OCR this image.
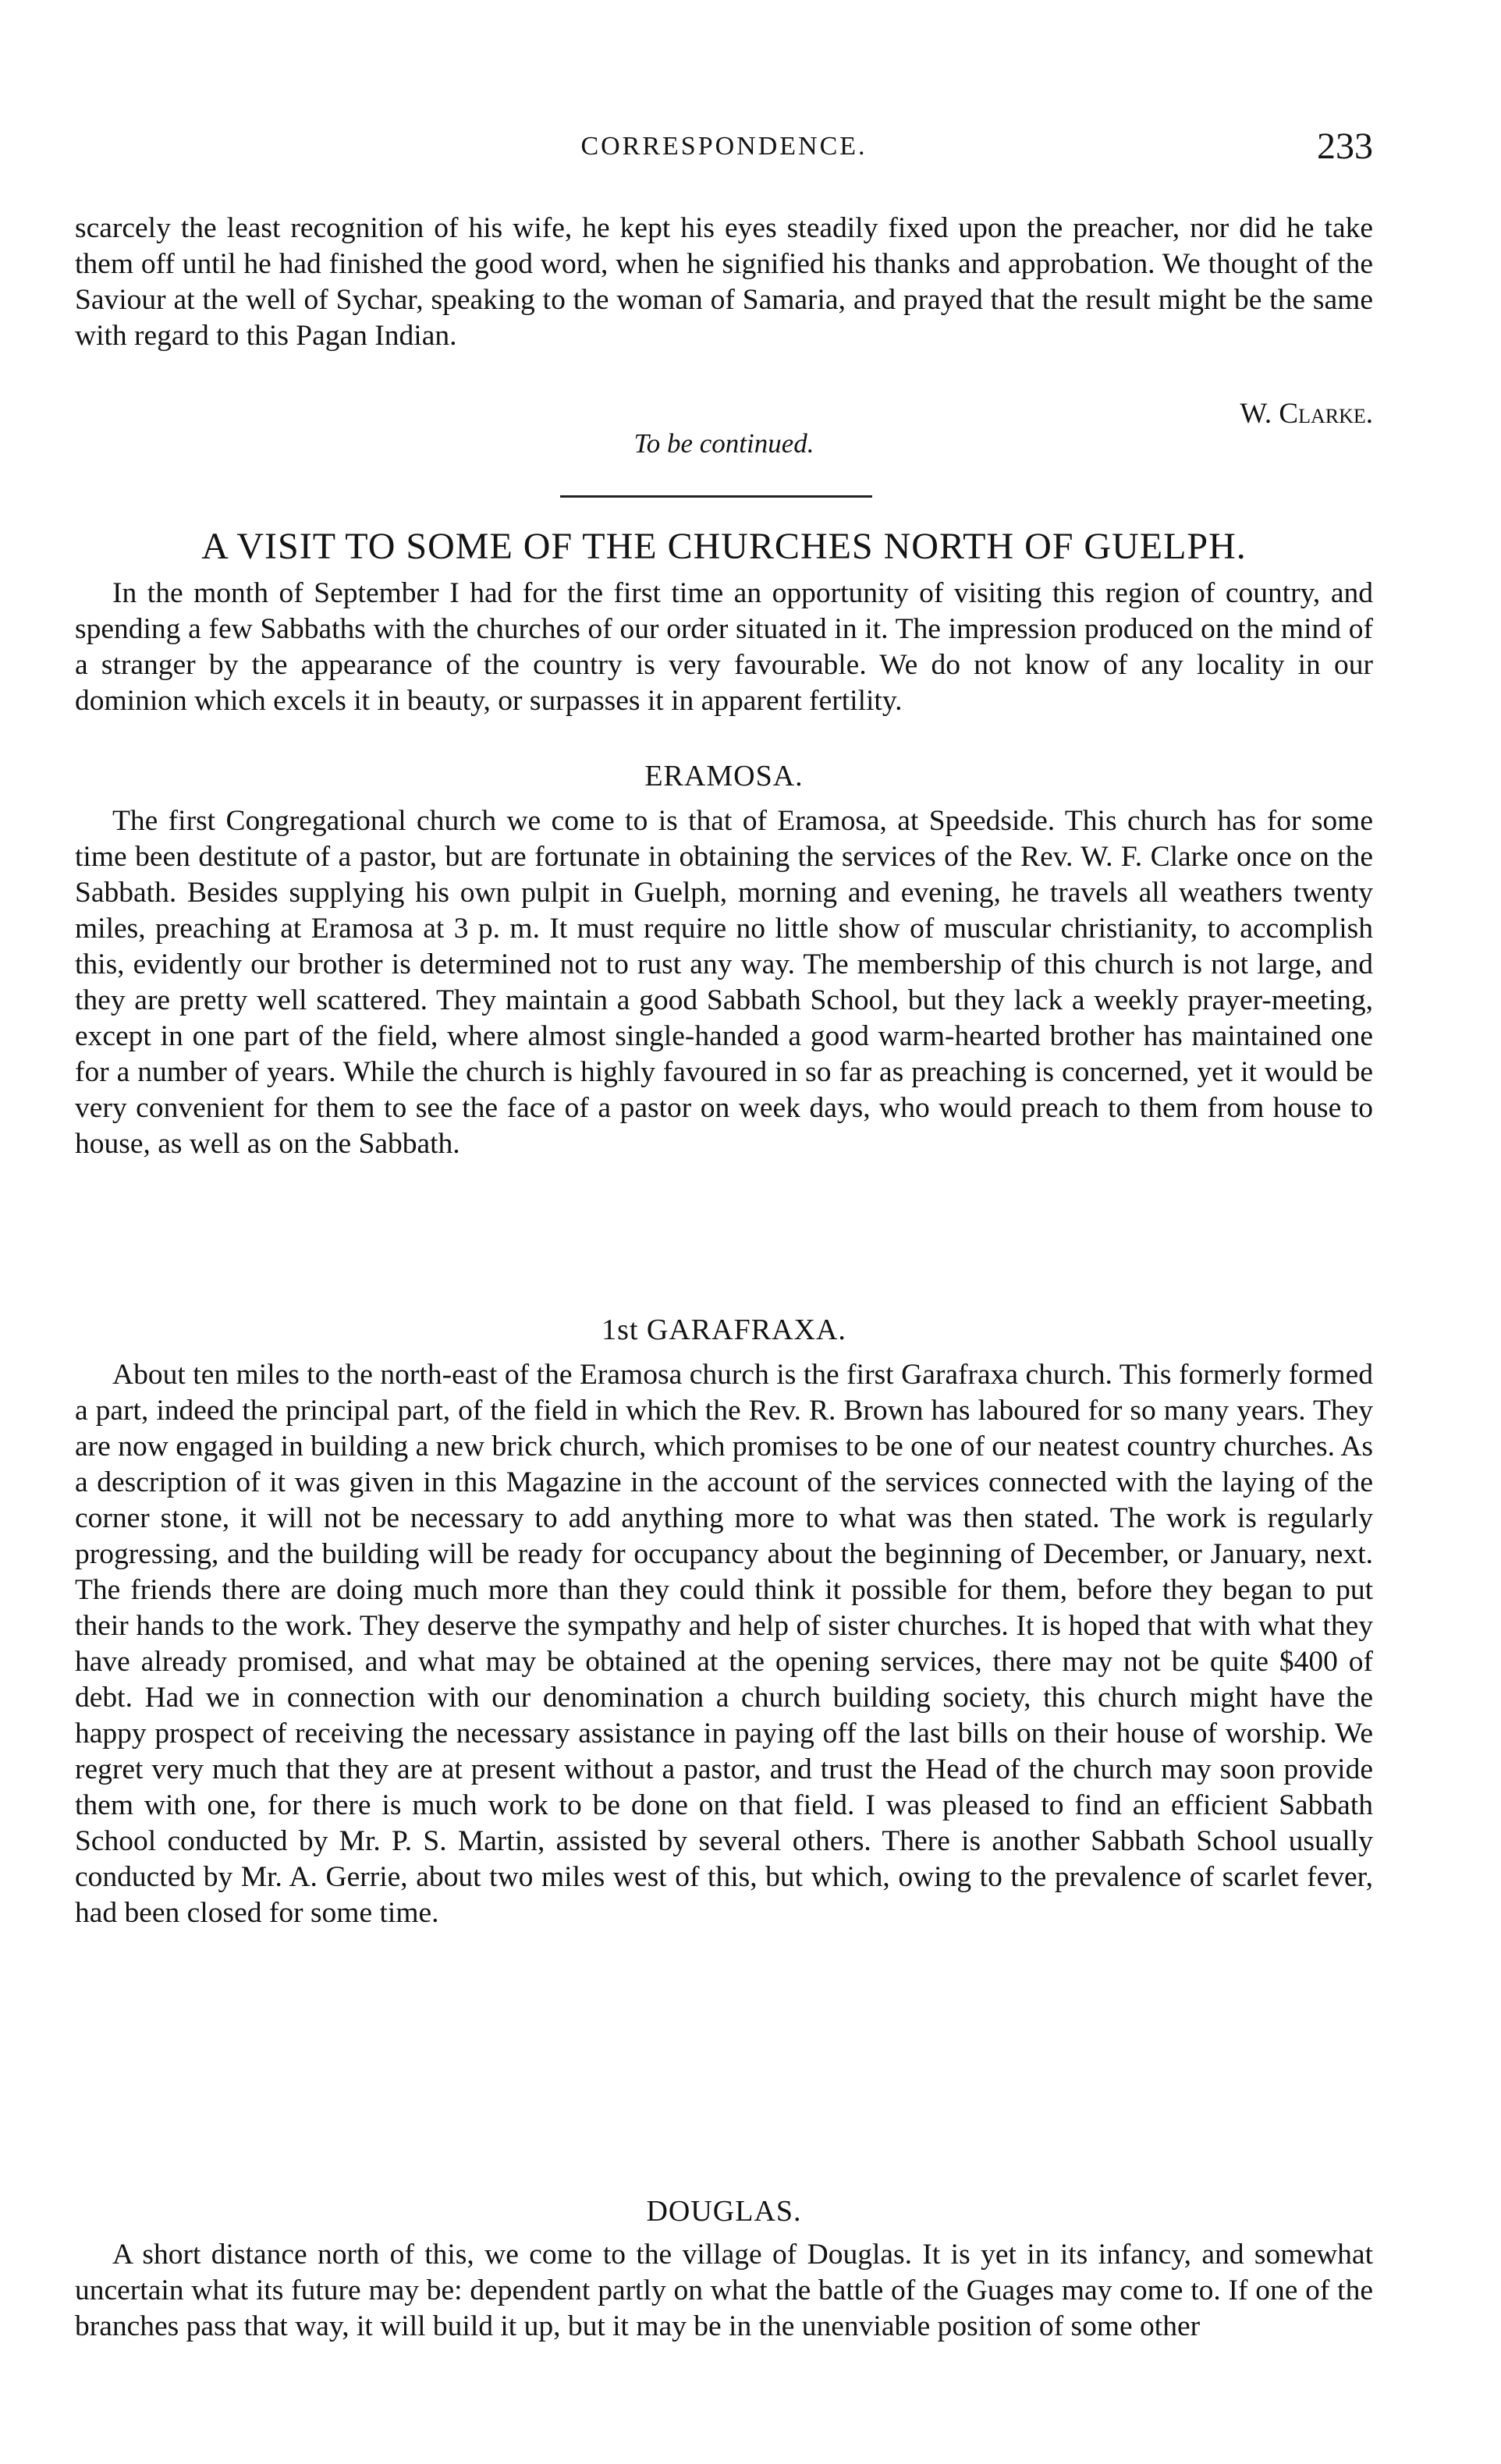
CORRESPONDENCE.	233

scarcely the least recognition of his wife, he kept his eyes steadily fixed upon the preacher, nor did he take them off until he had finished the good word, when he signified his thanks and approbation. We thought of the Saviour at the well of Sychar, speaking to the woman of Samaria, and prayed that the result might be the same with regard to this Pagan Indian.

W. Clarke.
To be continued.
A VISIT TO SOME OF THE CHURCHES NORTH OF GUELPH.

In the month of September I had for the first time an opportunity of visiting this region of country, and spending a few Sabbaths with the churches of our order situated in it. The impression produced on the mind of a stranger by the appearance of the country is very favourable. We do not know of any locality in our dominion which excels it in beauty, or surpasses it in apparent fertility.

ERAMOSA.

The first Congregational church we come to is that of Eramosa, at Speedside. This church has for some time been destitute of a pastor, but are fortunate in obtaining the services of the Rev. W. F. Clarke once on the Sabbath. Besides supplying his own pulpit in Guelph, morning and evening, he travels all weathers twenty miles, preaching at Eramosa at 3 p. m. It must require no little show of muscular christianity, to accomplish this, evidently our brother is determined not to rust any way. The membership of this church is not large, and they are pretty well scattered. They maintain a good Sabbath School, but they lack a weekly prayer-meeting, except in one part of the field, where almost single-handed a good warm-hearted brother has maintained one for a number of years. While the church is highly favoured in so far as preaching is concerned, yet it would be very convenient for them to see the face of a pastor on week days, who would preach to them from house to house, as well as on the Sabbath.

1st GARAFRAXA.

About ten miles to the north-east of the Eramosa church is the first Garafraxa church. This formerly formed a part, indeed the principal part, of the field in which the Rev. R. Brown has laboured for so many years. They are now engaged in building a new brick church, which promises to be one of our neatest country churches. As a description of it was given in this Magazine in the account of the services connected with the laying of the corner stone, it will not be necessary to add anything more to what was then stated. The work is regularly progressing, and the building will be ready for occupancy about the beginning of December, or January, next. The friends there are doing much more than they could think it possible for them, before they began to put their hands to the work. They deserve the sympathy and help of sister churches. It is hoped that with what they have already promised, and what may be obtained at the opening services, there may not be quite $400 of debt. Had we in connection with our denomination a church building society, this church might have the happy prospect of receiving the necessary assistance in paying off the last bills on their house of worship. We regret very much that they are at present without a pastor, and trust the Head of the church may soon provide them with one, for there is much work to be done on that field. I was pleased to find an efficient Sabbath School conducted by Mr. P. S. Martin, assisted by several others. There is another Sabbath School usually conducted by Mr. A. Gerrie, about two miles west of this, but which, owing to the prevalence of scarlet fever, had been closed for some time.

DOUGLAS.

A short distance north of this, we come to the village of Douglas. It is yet in its infancy, and somewhat uncertain what its future may be: dependent partly on what the battle of the Guages may come to. If one of the branches pass that way, it will build it up, but it may be in the unenviable position of some other
